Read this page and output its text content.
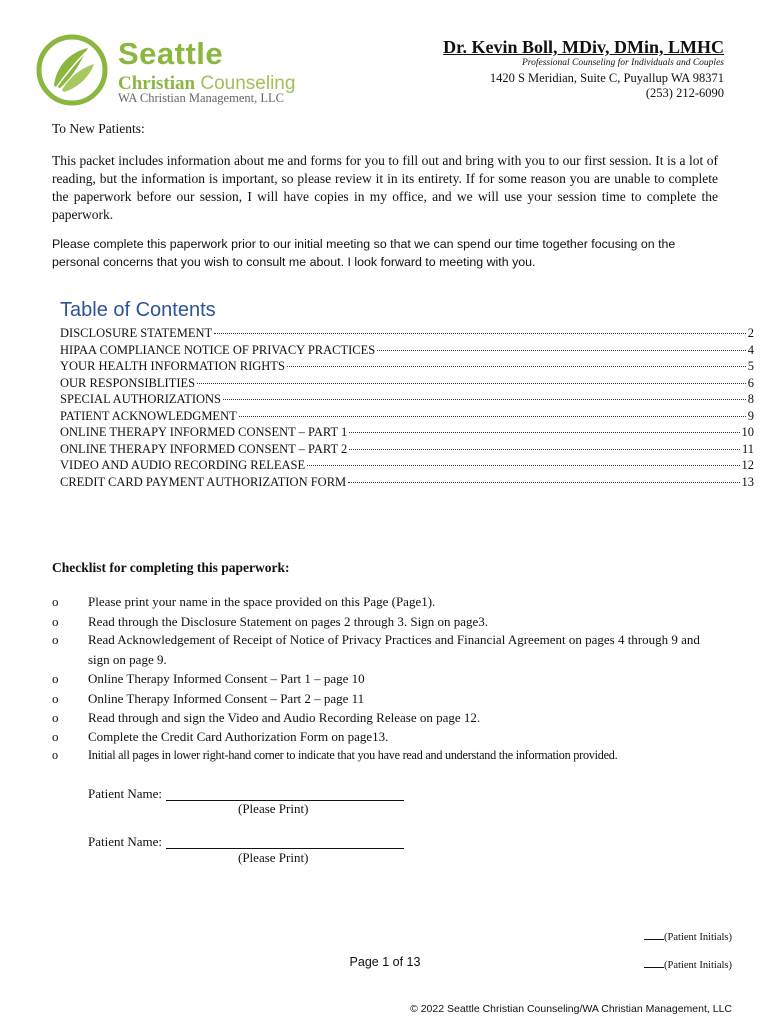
Seattle
Christian Counseling
WA Christian Management, LLC
Dr. Kevin Boll, MDiv, DMin, LMHC
Professional Counseling for Individuals and Couples
1420 S Meridian, Suite C, Puyallup WA 98371
(253) 212-6090
To New Patients:
This packet includes information about me and forms for you to fill out and bring with you to our first session. It is a lot of reading, but the information is important, so please review it in its entirety. If for some reason you are unable to complete the paperwork before our session, I will have copies in my office, and we will use your session time to complete the paperwork.
Please complete this paperwork prior to our initial meeting so that we can spend our time together focusing on the personal concerns that you wish to consult me about. I look forward to meeting with you.
Table of Contents
DISCLOSURE STATEMENT	2
HIPAA COMPLIANCE NOTICE OF PRIVACY PRACTICES	4
YOUR HEALTH INFORMATION RIGHTS	5
OUR RESPONSIBLITIES	6
SPECIAL AUTHORIZATIONS	8
PATIENT ACKNOWLEDGMENT	9
ONLINE THERAPY INFORMED CONSENT – PART 1	10
ONLINE THERAPY INFORMED CONSENT – PART 2	11
VIDEO AND AUDIO RECORDING RELEASE	12
CREDIT CARD PAYMENT AUTHORIZATION FORM	13
Checklist for completing this paperwork:
o Please print your name in the space provided on this Page (Page1).
o Read through the Disclosure Statement on pages 2 through 3. Sign on page3.
o Read Acknowledgement of Receipt of Notice of Privacy Practices and Financial Agreement on pages 4 through 9 and sign on page 9.
o Online Therapy Informed Consent – Part 1 – page 10
o Online Therapy Informed Consent – Part 2 – page 11
o Read through and sign the Video and Audio Recording Release on page 12.
o Complete the Credit Card Authorization Form on page13.
o Initial all pages in lower right-hand corner to indicate that you have read and understand the information provided.
Patient Name:
(Please Print)
Patient Name:
(Please Print)
(Patient Initials)
(Patient Initials)
Page 1 of 13
© 2022 Seattle Christian Counseling/WA Christian Management, LLC
